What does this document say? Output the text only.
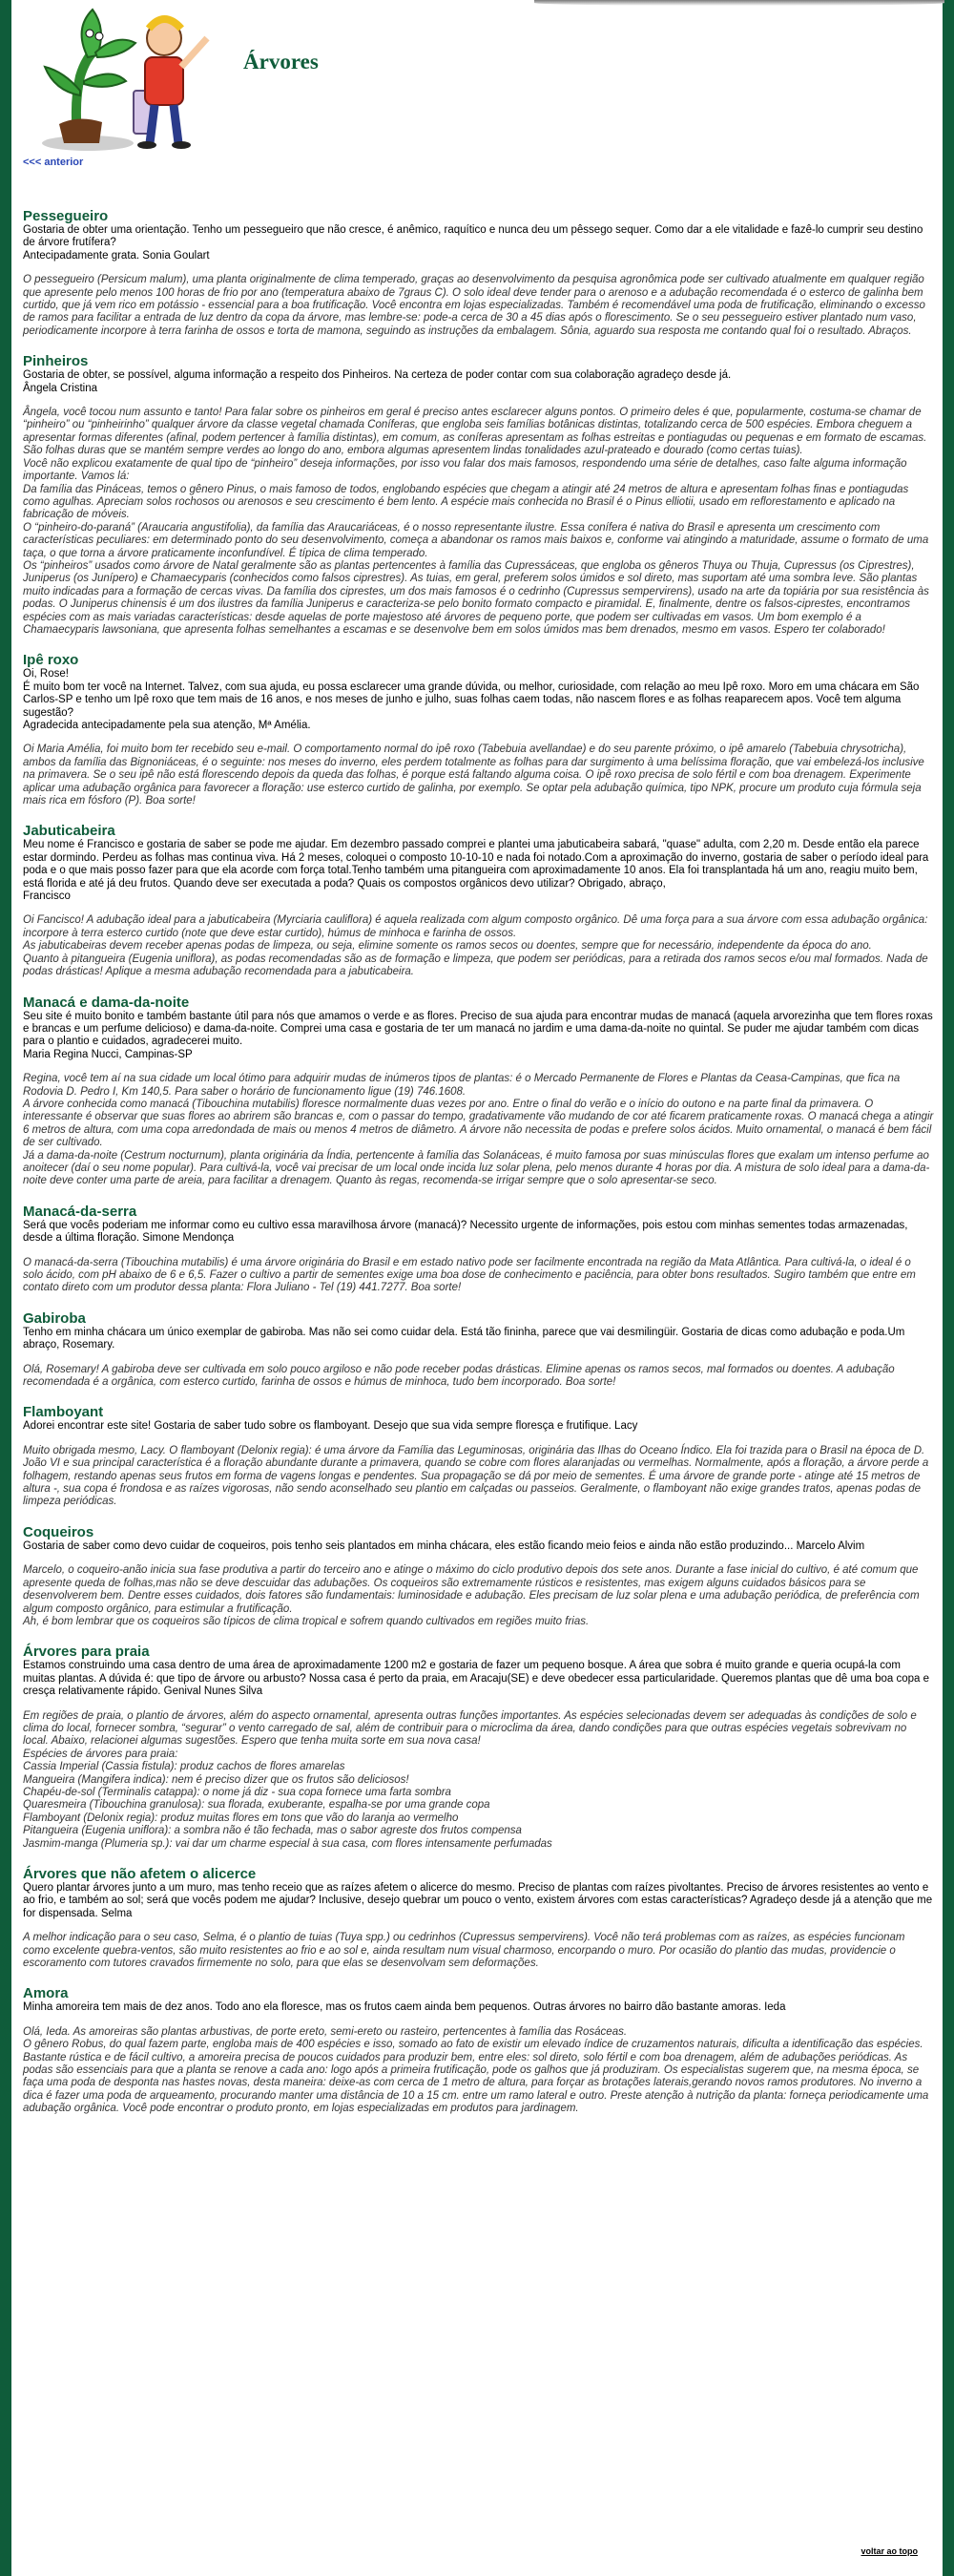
Árvores
<<< anterior
Pessegueiro

Gostaria de obter uma orientação. Tenho um pessegueiro que não cresce, é anêmico, raquítico e nunca deu um pêssego sequer. Como dar a ele vitalidade e fazê-lo cumprir seu destino de árvore frutífera?
Antecipadamente grata. Sonia Goulart

O pessegueiro (Persicum malum), uma planta originalmente de clima temperado, graças ao desenvolvimento da pesquisa agronômica pode ser cultivado atualmente em qualquer região que apresente pelo menos 100 horas de frio por ano (temperatura abaixo de 7graus C). O solo ideal deve tender para o arenoso e a adubação recomendada é o esterco de galinha bem curtido, que já vem rico em potássio - essencial para a boa frutificação. Você encontra em lojas especializadas. Também é recomendável uma poda de frutificação, eliminando o excesso de ramos para facilitar a entrada de luz dentro da copa da árvore, mas lembre-se: pode-a cerca de 30 a 45 dias após o florescimento. Se o seu pessegueiro estiver plantado num vaso, periodicamente incorpore à terra farinha de ossos e torta de mamona, seguindo as instruções da embalagem. Sônia, aguardo sua resposta me contando qual foi o resultado. Abraços.

Pinheiros

Gostaria de obter, se possível, alguma informação a respeito dos Pinheiros. Na certeza de poder contar com sua colaboração agradeço desde já.
Ângela Cristina

Ângela, você tocou num assunto e tanto! Para falar sobre os pinheiros em geral é preciso antes esclarecer alguns pontos. O primeiro deles é que, popularmente, costuma-se chamar de “pinheiro” ou “pinheirinho” qualquer árvore da classe vegetal chamada Coníferas, que engloba seis famílias botânicas distintas, totalizando cerca de 500 espécies. Embora cheguem a apresentar formas diferentes (afinal, podem pertencer à família distintas), em comum, as coníferas apresentam as folhas estreitas e pontiagudas ou pequenas e em formato de escamas. São folhas duras que se mantém sempre verdes ao longo do ano, embora algumas apresentem lindas tonalidades azul-prateado e dourado (como certas tuias).
Você não explicou exatamente de qual tipo de “pinheiro” deseja informações, por isso vou falar dos mais famosos, respondendo uma série de detalhes, caso falte alguma informação importante. Vamos lá:
Da família das Pináceas, temos o gênero Pinus, o mais famoso de todos, englobando espécies que chegam a atingir até 24 metros de altura e apresentam folhas finas e pontiagudas como agulhas. Apreciam solos rochosos ou arenosos e seu crescimento é bem lento. A espécie mais conhecida no Brasil é o Pinus elliotii, usado em reflorestamento e aplicado na fabricação de móveis.
O “pinheiro-do-paraná” (Araucaria angustifolia), da família das Araucariáceas, é o nosso representante ilustre. Essa conífera é nativa do Brasil e apresenta um crescimento com características peculiares: em determinado ponto do seu desenvolvimento, começa a abandonar os ramos mais baixos e, conforme vai atingindo a maturidade, assume o formato de uma taça, o que torna a árvore praticamente inconfundível. É típica de clima temperado.
Os “pinheiros” usados como árvore de Natal geralmente são as plantas pertencentes à família das Cupressáceas, que engloba os gêneros Thuya ou Thuja, Cupressus (os Ciprestres), Juniperus (os Junípero) e Chamaecyparis (conhecidos como falsos ciprestres). As tuias, em geral, preferem solos úmidos e sol direto, mas suportam até uma sombra leve. São plantas muito indicadas para a formação de cercas vivas. Da família dos ciprestes, um dos mais famosos é o cedrinho (Cupressus sempervirens), usado na arte da topiária por sua resistência às podas. O Juniperus chinensis é um dos ilustres da família Juniperus e caracteriza-se pelo bonito formato compacto e piramidal. E, finalmente, dentre os falsos-ciprestes, encontramos espécies com as mais variadas características: desde aquelas de porte majestoso até árvores de pequeno porte, que podem ser cultivadas em vasos. Um bom exemplo é a Chamaecyparis lawsoniana, que apresenta folhas semelhantes a escamas e se desenvolve bem em solos úmidos mas bem drenados, mesmo em vasos. Espero ter colaborado!

Ipê roxo

Oi, Rose!
É muito bom ter você na Internet. Talvez, com sua ajuda, eu possa esclarecer uma grande dúvida, ou melhor, curiosidade, com relação ao meu Ipê roxo. Moro em uma chácara em São Carlos-SP e tenho um Ipê roxo que tem mais de 16 anos, e nos meses de junho e julho, suas folhas caem todas, não nascem flores e as folhas reaparecem apos. Você tem alguma sugestão?
Agradecida antecipadamente pela sua atenção, Mª Amélia.

Oi Maria Amélia, foi muito bom ter recebido seu e-mail. O comportamento normal do ipê roxo (Tabebuia avellandae) e do seu parente próximo, o ipê amarelo (Tabebuia chrysotricha), ambos da família das Bignoniáceas, é o seguinte: nos meses do inverno, eles perdem totalmente as folhas para dar surgimento à uma belíssima floração, que vai embelezá-los inclusive na primavera. Se o seu ipê não está florescendo depois da queda das folhas, é porque está faltando alguma coisa. O ipê roxo precisa de solo fértil e com boa drenagem. Experimente aplicar uma adubação orgânica para favorecer a floração: use esterco curtido de galinha, por exemplo. Se optar pela adubação química, tipo NPK, procure um produto cuja fórmula seja mais rica em fósforo (P). Boa sorte!

Jabuticabeira

Meu nome é Francisco e gostaria de saber se pode me ajudar. Em dezembro passado comprei e plantei uma jabuticabeira sabará, "quase" adulta, com 2,20 m. Desde então ela parece estar dormindo. Perdeu as folhas mas continua viva. Há 2 meses, coloquei o composto 10-10-10 e nada foi notado.Com a aproximação do inverno, gostaria de saber o período ideal para poda e o que mais posso fazer para que ela acorde com força total.Tenho também uma pitangueira com aproximadamente 10 anos. Ela foi transplantada há um ano, reagiu muito bem, está florida e até já deu frutos. Quando deve ser executada a poda? Quais os compostos orgânicos devo utilizar? Obrigado, abraço,
Francisco

Oi Fancisco! A adubação ideal para a jabuticabeira (Myrciaria cauliflora) é aquela realizada com algum composto orgânico. Dê uma força para a sua árvore com essa adubação orgânica: incorpore à terra esterco curtido (note que deve estar curtido), húmus de minhoca e farinha de ossos.
As jabuticabeiras devem receber apenas podas de limpeza, ou seja, elimine somente os ramos secos ou doentes, sempre que for necessário, independente da época do ano.
Quanto à pitangueira (Eugenia uniflora), as podas recomendadas são as de formação e limpeza, que podem ser periódicas, para a retirada dos ramos secos e/ou mal formados. Nada de podas drásticas! Aplique a mesma adubação recomendada para a jabuticabeira.

Manacá e dama-da-noite

Seu site é muito bonito e também bastante útil para nós que amamos o verde e as flores. Preciso de sua ajuda para encontrar mudas de manacá (aquela arvorezinha que tem flores roxas e brancas e um perfume delicioso) e dama-da-noite. Comprei uma casa e gostaria de ter um manacá no jardim e uma dama-da-noite no quintal. Se puder me ajudar também com dicas para o plantio e cuidados, agradecerei muito.
Maria Regina Nucci, Campinas-SP

Regina, você tem aí na sua cidade um local ótimo para adquirir mudas de inúmeros tipos de plantas: é o Mercado Permanente de Flores e Plantas da Ceasa-Campinas, que fica na Rodovia D. Pedro I, Km 140,5. Para saber o horário de funcionamento ligue (19) 746.1608.
A árvore conhecida como manacá (Tibouchina mutabilis) floresce normalmente duas vezes por ano. Entre o final do verão e o início do outono e na parte final da primavera. O interessante é observar que suas flores ao abrirem são brancas e, com o passar do tempo, gradativamente vão mudando de cor até ficarem praticamente roxas. O manacá chega a atingir 6 metros de altura, com uma copa arredondada de mais ou menos 4 metros de diâmetro. A árvore não necessita de podas e prefere solos ácidos. Muito ornamental, o manacá é bem fácil de ser cultivado.
Já a dama-da-noite (Cestrum nocturnum), planta originária da Índia, pertencente à família das Solanáceas, é muito famosa por suas minúsculas flores que exalam um intenso perfume ao anoitecer (daí o seu nome popular). Para cultivá-la, você vai precisar de um local onde incida luz solar plena, pelo menos durante 4 horas por dia. A mistura de solo ideal para a dama-da-noite deve conter uma parte de areia, para facilitar a drenagem. Quanto às regas, recomenda-se irrigar sempre que o solo apresentar-se seco.

Manacá-da-serra

Será que vocês poderiam me informar como eu cultivo essa maravilhosa árvore (manacá)? Necessito urgente de informações, pois estou com minhas sementes todas armazenadas, desde a última floração. Simone Mendonça

O manacá-da-serra (Tibouchina mutabilis) é uma árvore originária do Brasil e em estado nativo pode ser facilmente encontrada na região da Mata Atlântica. Para cultivá-la, o ideal é o solo ácido, com pH abaixo de 6 e 6,5. Fazer o cultivo a partir de sementes exige uma boa dose de conhecimento e paciência, para obter bons resultados. Sugiro também que entre em contato direto com um produtor dessa planta: Flora Juliano - Tel (19) 441.7277. Boa sorte!

Gabiroba

Tenho em minha chácara um único exemplar de gabiroba. Mas não sei como cuidar dela. Está tão fininha, parece que vai desmilingüir. Gostaria de dicas como adubação e poda.Um abraço, Rosemary.

Olá, Rosemary! A gabiroba deve ser cultivada em solo pouco argiloso e não pode receber podas drásticas. Elimine apenas os ramos secos, mal formados ou doentes. A adubação recomendada é a orgânica, com esterco curtido, farinha de ossos e húmus de minhoca, tudo bem incorporado. Boa sorte!

Flamboyant

Adorei encontrar este site! Gostaria de saber tudo sobre os flamboyant. Desejo que sua vida sempre floresça e frutifique. Lacy

Muito obrigada mesmo, Lacy. O flamboyant (Delonix regia): é uma árvore da Família das Leguminosas, originária das Ilhas do Oceano Índico. Ela foi trazida para o Brasil na época de D. João VI e sua principal característica é a floração abundante durante a primavera, quando se cobre com flores alaranjadas ou vermelhas. Normalmente, após a floração, a árvore perde a folhagem, restando apenas seus frutos em forma de vagens longas e pendentes. Sua propagação se dá por meio de sementes. É uma árvore de grande porte - atinge até 15 metros de altura -, sua copa é frondosa e as raízes vigorosas, não sendo aconselhado seu plantio em calçadas ou passeios. Geralmente, o flamboyant não exige grandes tratos, apenas podas de limpeza periódicas.

Coqueiros

Gostaria de saber como devo cuidar de coqueiros, pois tenho seis plantados em minha chácara, eles estão ficando meio feios e ainda não estão produzindo... Marcelo Alvim

Marcelo, o coqueiro-anão inicia sua fase produtiva a partir do terceiro ano e atinge o máximo do ciclo produtivo depois dos sete anos. Durante a fase inicial do cultivo, é até comum que apresente queda de folhas,mas não se deve descuidar das adubações. Os coqueiros são extremamente rústicos e resistentes, mas exigem alguns cuidados básicos para se desenvolverem bem. Dentre esses cuidados, dois fatores são fundamentais: luminosidade e adubação. Eles precisam de luz solar plena e uma adubação periódica, de preferência com algum composto orgânico, para estimular a frutificação.
Ah, é bom lembrar que os coqueiros são típicos de clima tropical e sofrem quando cultivados em regiões muito frias.

Árvores para praia

Estamos construindo uma casa dentro de uma área de aproximadamente 1200 m2 e gostaria de fazer um pequeno bosque. A área que sobra é muito grande e queria ocupá-la com muitas plantas. A dúvida é: que tipo de árvore ou arbusto? Nossa casa é perto da praia, em Aracaju(SE) e deve obedecer essa particularidade. Queremos plantas que dê uma boa copa e cresça relativamente rápido. Genival Nunes Silva

Em regiões de praia, o plantio de árvores, além do aspecto ornamental, apresenta outras funções importantes. As espécies selecionadas devem ser adequadas às condições de solo e clima do local, fornecer sombra, “segurar” o vento carregado de sal, além de contribuir para o microclima da área, dando condições para que outras espécies vegetais sobrevivam no local. Abaixo, relacionei algumas sugestões. Espero que tenha muita sorte em sua nova casa!
Espécies de árvores para praia:
Cassia Imperial (Cassia fistula): produz cachos de flores amarelas
Mangueira (Mangifera indica): nem é preciso dizer que os frutos são deliciosos!
Chapéu-de-sol (Terminalis catappa): o nome já diz - sua copa fornece uma farta sombra
Quaresmeira (Tibouchina granulosa): sua florada, exuberante, espalha-se por uma grande copa
Flamboyant (Delonix regia): produz muitas flores em tons que vão do laranja ao vermelho
Pitangueira (Eugenia uniflora): a sombra não é tão fechada, mas o sabor agreste dos frutos compensa
Jasmim-manga (Plumeria sp.): vai dar um charme especial à sua casa, com flores intensamente perfumadas

Árvores que não afetem o alicerce

Quero plantar árvores junto a um muro, mas tenho receio que as raízes afetem o alicerce do mesmo. Preciso de plantas com raízes pivoltantes. Preciso de árvores resistentes ao vento e ao frio, e também ao sol; será que vocês podem me ajudar? Inclusive, desejo quebrar um pouco o vento, existem árvores com estas características? Agradeço desde já a atenção que me for dispensada. Selma

A melhor indicação para o seu caso, Selma, é o plantio de tuias (Tuya spp.) ou cedrinhos (Cupressus sempervirens). Você não terá problemas com as raízes, as espécies funcionam como excelente quebra-ventos, são muito resistentes ao frio e ao sol e, ainda resultam num visual charmoso, encorpando o muro. Por ocasião do plantio das mudas, providencie o escoramento com tutores cravados firmemente no solo, para que elas se desenvolvam sem deformações.

Amora

Minha amoreira tem mais de dez anos. Todo ano ela floresce, mas os frutos caem ainda bem pequenos. Outras árvores no bairro dão bastante amoras. Ieda

Olá, Ieda. As amoreiras são plantas arbustivas, de porte ereto, semi-ereto ou rasteiro, pertencentes à família das Rosáceas.
O gênero Robus, do qual fazem parte, engloba mais de 400 espécies e isso, somado ao fato de existir um elevado índice de cruzamentos naturais, dificulta a identificação das espécies. Bastante rústica e de fácil cultivo, a amoreira precisa de poucos cuidados para produzir bem, entre eles: sol direto, solo fértil e com boa drenagem, além de adubações periódicas. As podas são essenciais para que a planta se renove a cada ano: logo após a primeira frutificação, pode os galhos que já produziram. Os especialistas sugerem que, na mesma época, se faça uma poda de desponta nas hastes novas, desta maneira: deixe-as com cerca de 1 metro de altura, para forçar as brotações laterais,gerando novos ramos produtores. No inverno a dica é fazer uma poda de arqueamento, procurando manter uma distância de 10 a 15 cm. entre um ramo lateral e outro. Preste atenção à nutrição da planta: forneça periodicamente uma adubação orgânica. Você pode encontrar o produto pronto, em lojas especializadas em produtos para jardinagem.

voltar ao topo
